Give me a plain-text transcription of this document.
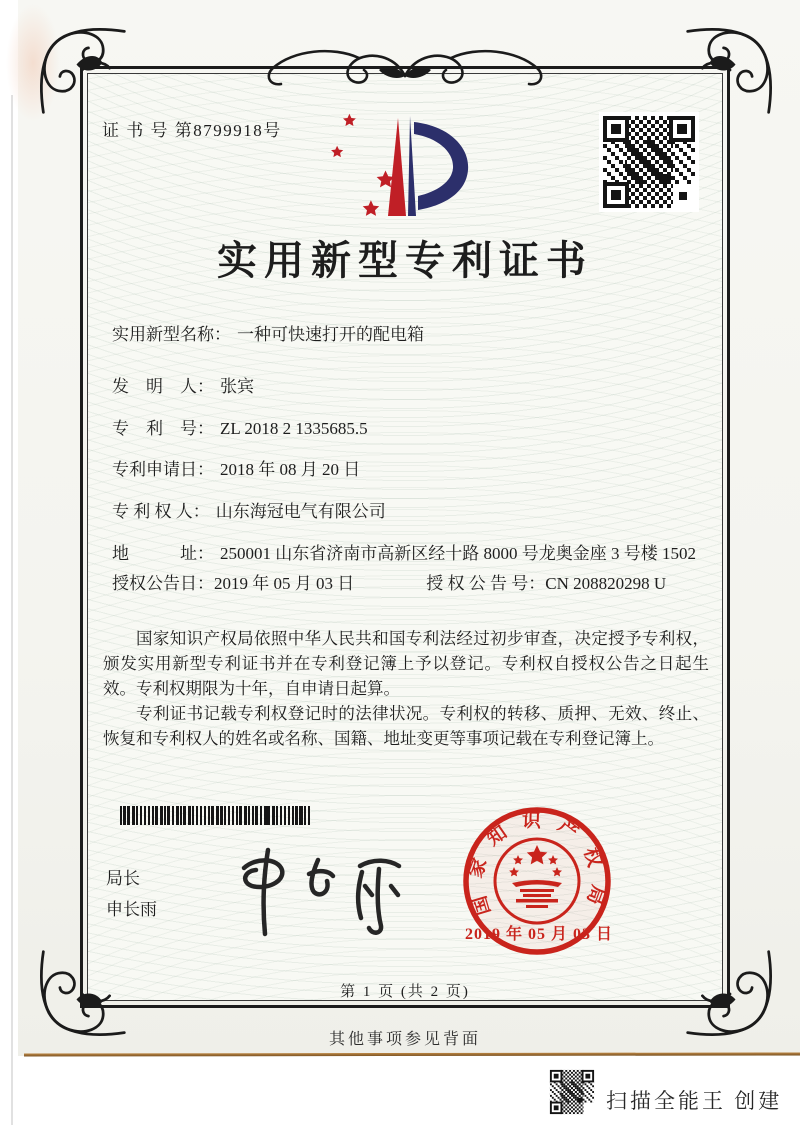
证 书 号 第8799918号
实用新型专利证书
实用新型名称： 一种可快速打开的配电箱
发　明　人： 张宾
专　利　号： ZL 2018 2 1335685.5
专利申请日： 2018 年 08 月 20 日
专 利 权 人： 山东海冠电气有限公司
地　　　址： 250001 山东省济南市高新区经十路 8000 号龙奥金座 3 号楼 1502
授权公告日： 2019 年 05 月 03 日	授 权 公 告 号： CN 208820298 U

国家知识产权局依照中华人民共和国专利法经过初步审查，决定授予专利权，颁发实用新型专利证书并在专利登记簿上予以登记。专利权自授权公告之日起生效。专利权期限为十年，自申请日起算。

专利证书记载专利权登记时的法律状况。专利权的转移、质押、无效、终止、恢复和专利权人的姓名或名称、国籍、地址变更等事项记载在专利登记簿上。

局长
申长雨	国家知识产权局
2019 年 05 月 03 日
第 1 页 (共 2 页)
其他事项参见背面
扫描全能王 创建
